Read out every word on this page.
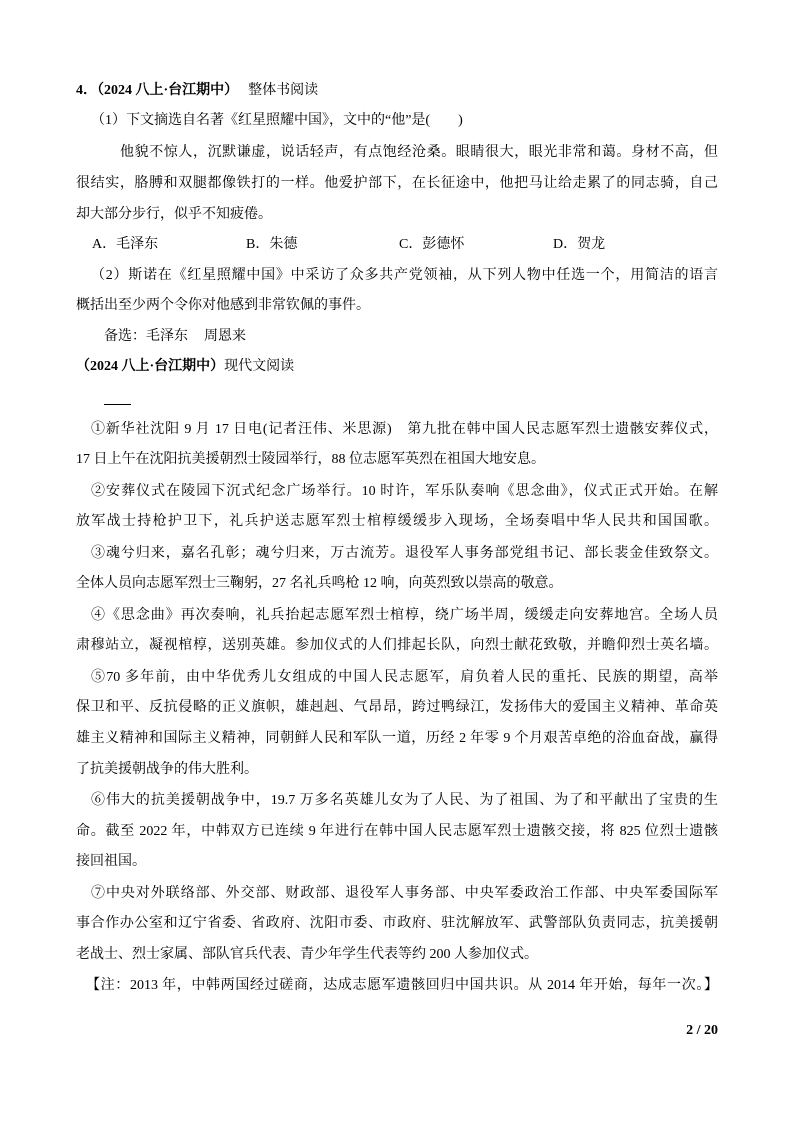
4．（2024 八上·台江期中） 整体书阅读
（1）下文摘选自名著《红星照耀中国》，文中的“他”是(　　)
他貌不惊人，沉默谦虚，说话轻声，有点饱经沧桑。眼睛很大，眼光非常和蔼。身材不高，但
很结实，胳膊和双腿都像铁打的一样。他爱护部下，在长征途中，他把马让给走累了的同志骑，自己
却大部分步行，似乎不知疲倦。
A．毛泽东	B．朱德	C．彭德怀	D．贺龙
（2）斯诺在《红星照耀中国》中采访了众多共产党领袖，从下列人物中任选一个，用简洁的语言
概括出至少两个令你对他感到非常钦佩的事件。
备选：毛泽东 周恩来
（2024 八上·台江期中）现代文阅读
①新华社沈阳 9 月 17 日电(记者汪伟、米思源)　第九批在韩中国人民志愿军烈士遗骸安葬仪式，
17 日上午在沈阳抗美援朝烈士陵园举行，88 位志愿军英烈在祖国大地安息。
②安葬仪式在陵园下沉式纪念广场举行。10 时许，军乐队奏响《思念曲》，仪式正式开始。在解
放军战士持枪护卫下，礼兵护送志愿军烈士棺椁缓缓步入现场，全场奏唱中华人民共和国国歌。
③魂兮归来，嘉名孔彰；魂兮归来，万古流芳。退役军人事务部党组书记、部长裴金佳致祭文。
全体人员向志愿军烈士三鞠躬，27 名礼兵鸣枪 12 响，向英烈致以崇高的敬意。
④《思念曲》再次奏响，礼兵抬起志愿军烈士棺椁，绕广场半周，缓缓走向安葬地宫。全场人员
肃穆站立，凝视棺椁，送别英雄。参加仪式的人们排起长队，向烈士献花致敬，并瞻仰烈士英名墙。
⑤70 多年前，由中华优秀儿女组成的中国人民志愿军，肩负着人民的重托、民族的期望，高举
保卫和平、反抗侵略的正义旗帜，雄赳赳、气昂昂，跨过鸭绿江，发扬伟大的爱国主义精神、革命英
雄主义精神和国际主义精神，同朝鲜人民和军队一道，历经 2 年零 9 个月艰苦卓绝的浴血奋战，赢得
了抗美援朝战争的伟大胜利。
⑥伟大的抗美援朝战争中，19.7 万多名英雄儿女为了人民、为了祖国、为了和平献出了宝贵的生
命。截至 2022 年，中韩双方已连续 9 年进行在韩中国人民志愿军烈士遗骸交接，将 825 位烈士遗骸
接回祖国。
⑦中央对外联络部、外交部、财政部、退役军人事务部、中央军委政治工作部、中央军委国际军
事合作办公室和辽宁省委、省政府、沈阳市委、市政府、驻沈解放军、武警部队负责同志，抗美援朝
老战士、烈士家属、部队官兵代表、青少年学生代表等约 200 人参加仪式。
【注：2013 年，中韩两国经过磋商，达成志愿军遗骸回归中国共识。从 2014 年开始，每年一次。】
2 / 20
